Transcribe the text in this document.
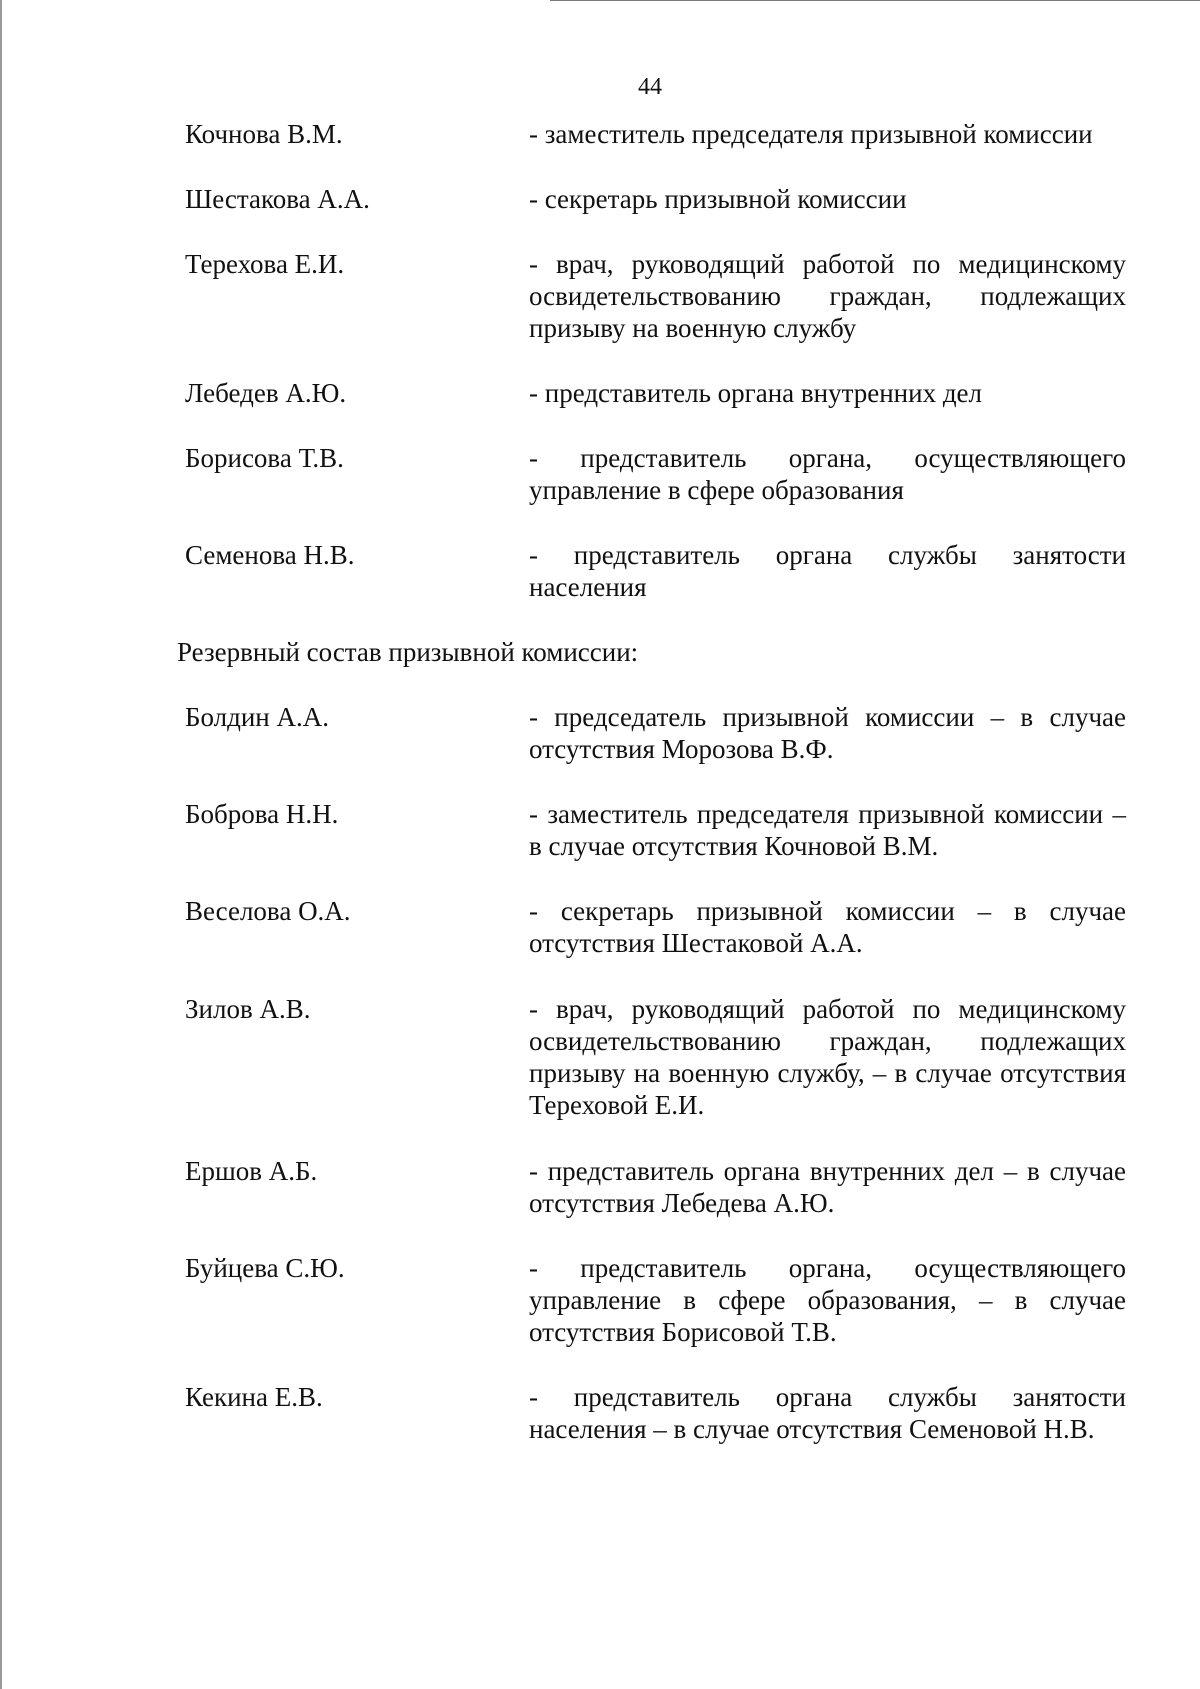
44
Кочнова В.М.	- заместитель председателя призывной комиссии
Шестакова А.А.	- секретарь призывной комиссии
Терехова Е.И.	- врач, руководящий работой по медицинскому освидетельствованию граждан, подлежащих призыву на военную службу
Лебедев А.Ю.	- представитель органа внутренних дел
Борисова Т.В.	- представитель органа, осуществляющего управление в сфере образования
Семенова Н.В.	- представитель органа службы занятости населения
Резервный состав призывной комиссии:
Болдин А.А.	- председатель призывной комиссии – в случае отсутствия Морозова В.Ф.
Боброва Н.Н.	- заместитель председателя призывной комиссии – в случае отсутствия Кочновой В.М.
Веселова О.А.	- секретарь призывной комиссии – в случае отсутствия Шестаковой А.А.
Зилов А.В.	- врач, руководящий работой по медицинскому освидетельствованию граждан, подлежащих призыву на военную службу, – в случае отсутствия Тереховой Е.И.
Ершов А.Б.	- представитель органа внутренних дел – в случае отсутствия Лебедева А.Ю.
Буйцева С.Ю.	- представитель органа, осуществляющего управление в сфере образования, – в случае отсутствия Борисовой Т.В.
Кекина Е.В.	- представитель органа службы занятости населения – в случае отсутствия Семеновой Н.В.
